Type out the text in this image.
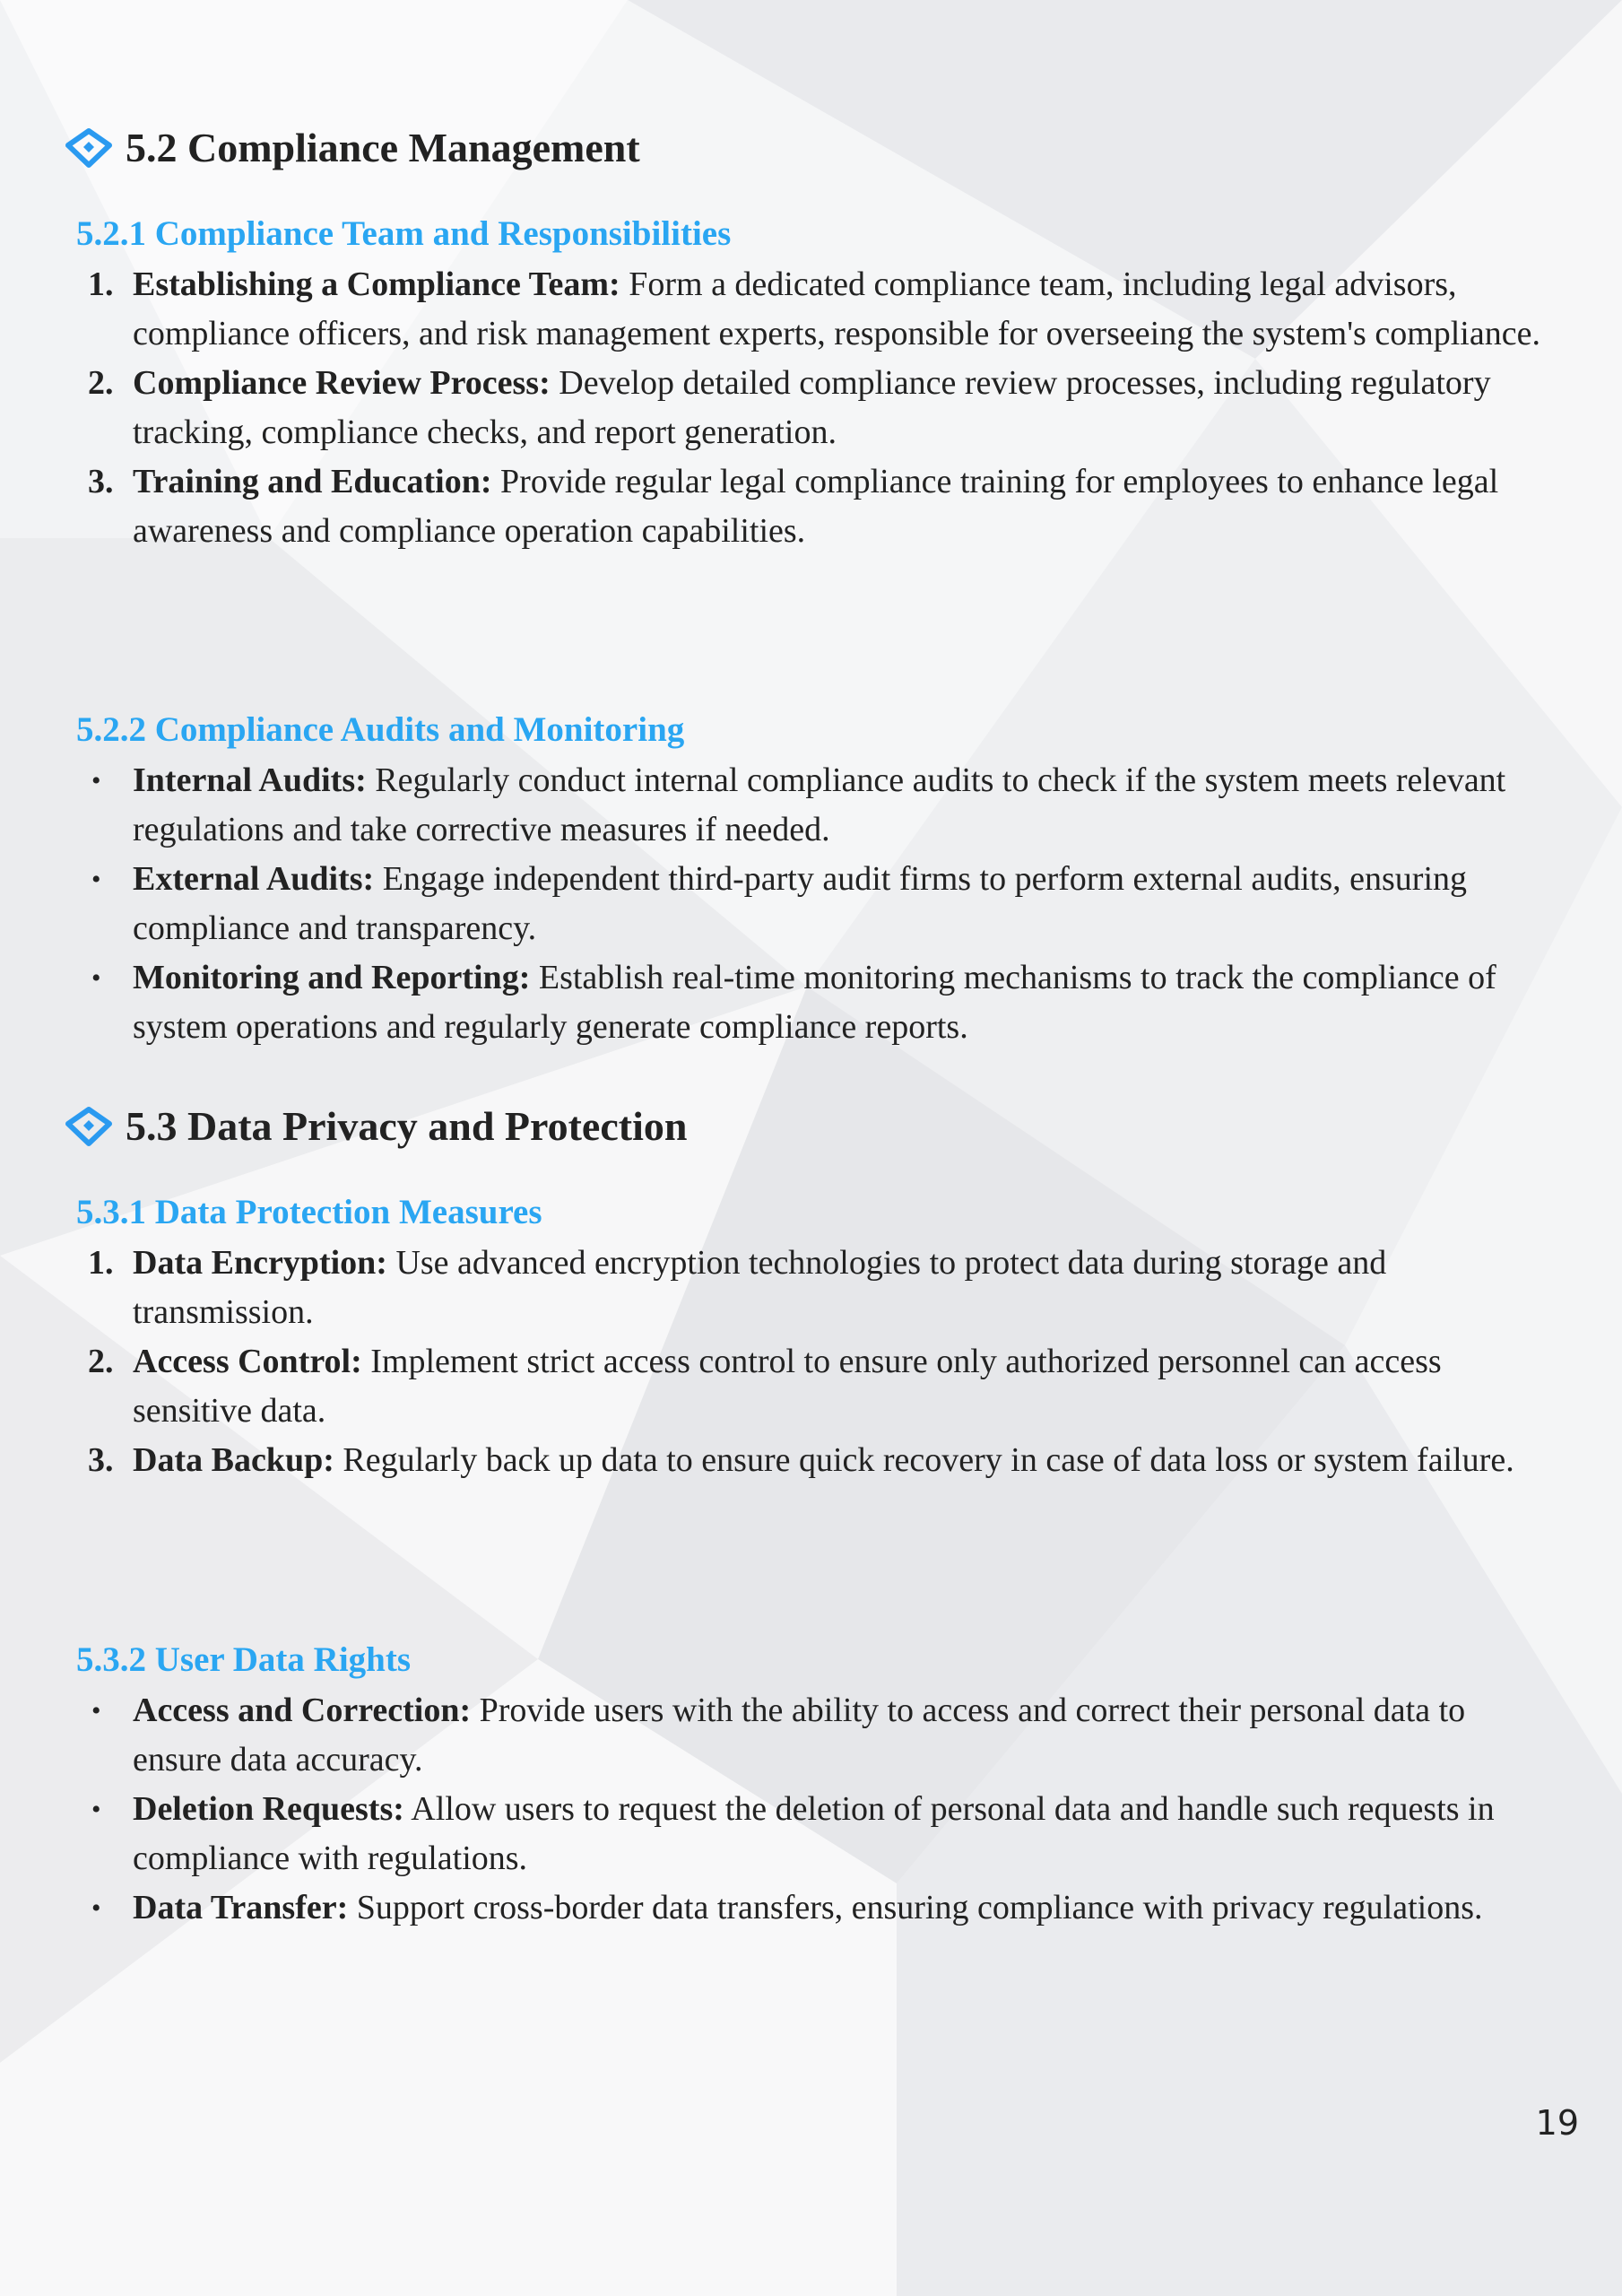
5.2 Compliance Management
5.2.1 Compliance Team and Responsibilities
1. Establishing a Compliance Team: Form a dedicated compliance team, including legal advisors, compliance officers, and risk management experts, responsible for overseeing the system's compliance.
2. Compliance Review Process: Develop detailed compliance review processes, including regulatory tracking, compliance checks, and report generation.
3. Training and Education: Provide regular legal compliance training for employees to enhance legal awareness and compliance operation capabilities.
5.2.2 Compliance Audits and Monitoring
• Internal Audits: Regularly conduct internal compliance audits to check if the system meets relevant regulations and take corrective measures if needed.
• External Audits: Engage independent third-party audit firms to perform external audits, ensuring compliance and transparency.
• Monitoring and Reporting: Establish real-time monitoring mechanisms to track the compliance of system operations and regularly generate compliance reports.
5.3 Data Privacy and Protection
5.3.1 Data Protection Measures
1. Data Encryption: Use advanced encryption technologies to protect data during storage and transmission.
2. Access Control: Implement strict access control to ensure only authorized personnel can access sensitive data.
3. Data Backup: Regularly back up data to ensure quick recovery in case of data loss or system failure.
5.3.2 User Data Rights
• Access and Correction: Provide users with the ability to access and correct their personal data to ensure data accuracy.
• Deletion Requests: Allow users to request the deletion of personal data and handle such requests in compliance with regulations.
• Data Transfer: Support cross-border data transfers, ensuring compliance with privacy regulations.
19
